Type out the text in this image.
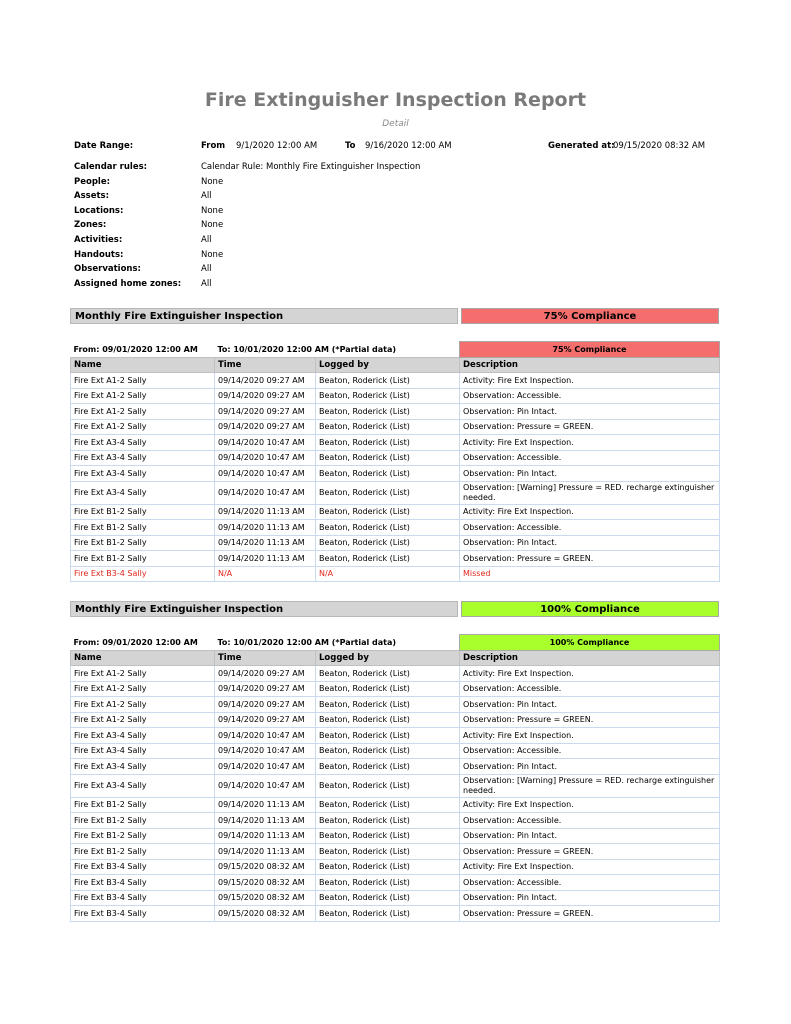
Fire Extinguisher Inspection Report
Detail
Date Range:	From 9/1/2020 12:00 AM	To 9/16/2020 12:00 AM	Generated at:
09/15/2020 08:32 AM
Calendar rules:	Calendar Rule: Monthly Fire Extinguisher Inspection
People:	None
Assets:	All
Locations:	None
Zones:	None
Activities:	All
Handouts:	None
Observations:	All
Assigned home zones: All
Monthly Fire Extinguisher Inspection	75% Compliance
From: 09/01/2020 12:00 AM	To: 10/01/2020 12:00 AM (*Partial data)		75% Compliance
Name	Time	Logged by	Description
Fire Ext A1-2 Sally	09/14/2020 09:27 AM	Beaton, Roderick (List)	Activity: Fire Ext Inspection.
Fire Ext A1-2 Sally	09/14/2020 09:27 AM	Beaton, Roderick (List)	Observation: Accessible.
Fire Ext A1-2 Sally	09/14/2020 09:27 AM	Beaton, Roderick (List)	Observation: Pin Intact.
Fire Ext A1-2 Sally	09/14/2020 09:27 AM	Beaton, Roderick (List)	Observation: Pressure = GREEN.
Fire Ext A3-4 Sally	09/14/2020 10:47 AM	Beaton, Roderick (List)	Activity: Fire Ext Inspection.
Fire Ext A3-4 Sally	09/14/2020 10:47 AM	Beaton, Roderick (List)	Observation: Accessible.
Fire Ext A3-4 Sally	09/14/2020 10:47 AM	Beaton, Roderick (List)	Observation: Pin Intact.
Fire Ext A3-4 Sally	09/14/2020 10:47 AM	Beaton, Roderick (List)	Observation: [Warning] Pressure = RED. recharge extinguisher needed.
Fire Ext B1-2 Sally	09/14/2020 11:13 AM	Beaton, Roderick (List)	Activity: Fire Ext Inspection.
Fire Ext B1-2 Sally	09/14/2020 11:13 AM	Beaton, Roderick (List)	Observation: Accessible.
Fire Ext B1-2 Sally	09/14/2020 11:13 AM	Beaton, Roderick (List)	Observation: Pin Intact.
Fire Ext B1-2 Sally	09/14/2020 11:13 AM	Beaton, Roderick (List)	Observation: Pressure = GREEN.
Fire Ext B3-4 Sally	N/A	N/A	Missed
Monthly Fire Extinguisher Inspection	100% Compliance
From: 09/01/2020 12:00 AM	To: 10/01/2020 12:00 AM (*Partial data)		100% Compliance
Name	Time	Logged by	Description
Fire Ext A1-2 Sally	09/14/2020 09:27 AM	Beaton, Roderick (List)	Activity: Fire Ext Inspection.
Fire Ext A1-2 Sally	09/14/2020 09:27 AM	Beaton, Roderick (List)	Observation: Accessible.
Fire Ext A1-2 Sally	09/14/2020 09:27 AM	Beaton, Roderick (List)	Observation: Pin Intact.
Fire Ext A1-2 Sally	09/14/2020 09:27 AM	Beaton, Roderick (List)	Observation: Pressure = GREEN.
Fire Ext A3-4 Sally	09/14/2020 10:47 AM	Beaton, Roderick (List)	Activity: Fire Ext Inspection.
Fire Ext A3-4 Sally	09/14/2020 10:47 AM	Beaton, Roderick (List)	Observation: Accessible.
Fire Ext A3-4 Sally	09/14/2020 10:47 AM	Beaton, Roderick (List)	Observation: Pin Intact.
Fire Ext A3-4 Sally	09/14/2020 10:47 AM	Beaton, Roderick (List)	Observation: [Warning] Pressure = RED. recharge extinguisher needed.
Fire Ext B1-2 Sally	09/14/2020 11:13 AM	Beaton, Roderick (List)	Activity: Fire Ext Inspection.
Fire Ext B1-2 Sally	09/14/2020 11:13 AM	Beaton, Roderick (List)	Observation: Accessible.
Fire Ext B1-2 Sally	09/14/2020 11:13 AM	Beaton, Roderick (List)	Observation: Pin Intact.
Fire Ext B1-2 Sally	09/14/2020 11:13 AM	Beaton, Roderick (List)	Observation: Pressure = GREEN.
Fire Ext B3-4 Sally	09/15/2020 08:32 AM	Beaton, Roderick (List)	Activity: Fire Ext Inspection.
Fire Ext B3-4 Sally	09/15/2020 08:32 AM	Beaton, Roderick (List)	Observation: Accessible.
Fire Ext B3-4 Sally	09/15/2020 08:32 AM	Beaton, Roderick (List)	Observation: Pin Intact.
Fire Ext B3-4 Sally	09/15/2020 08:32 AM	Beaton, Roderick (List)	Observation: Pressure = GREEN.
